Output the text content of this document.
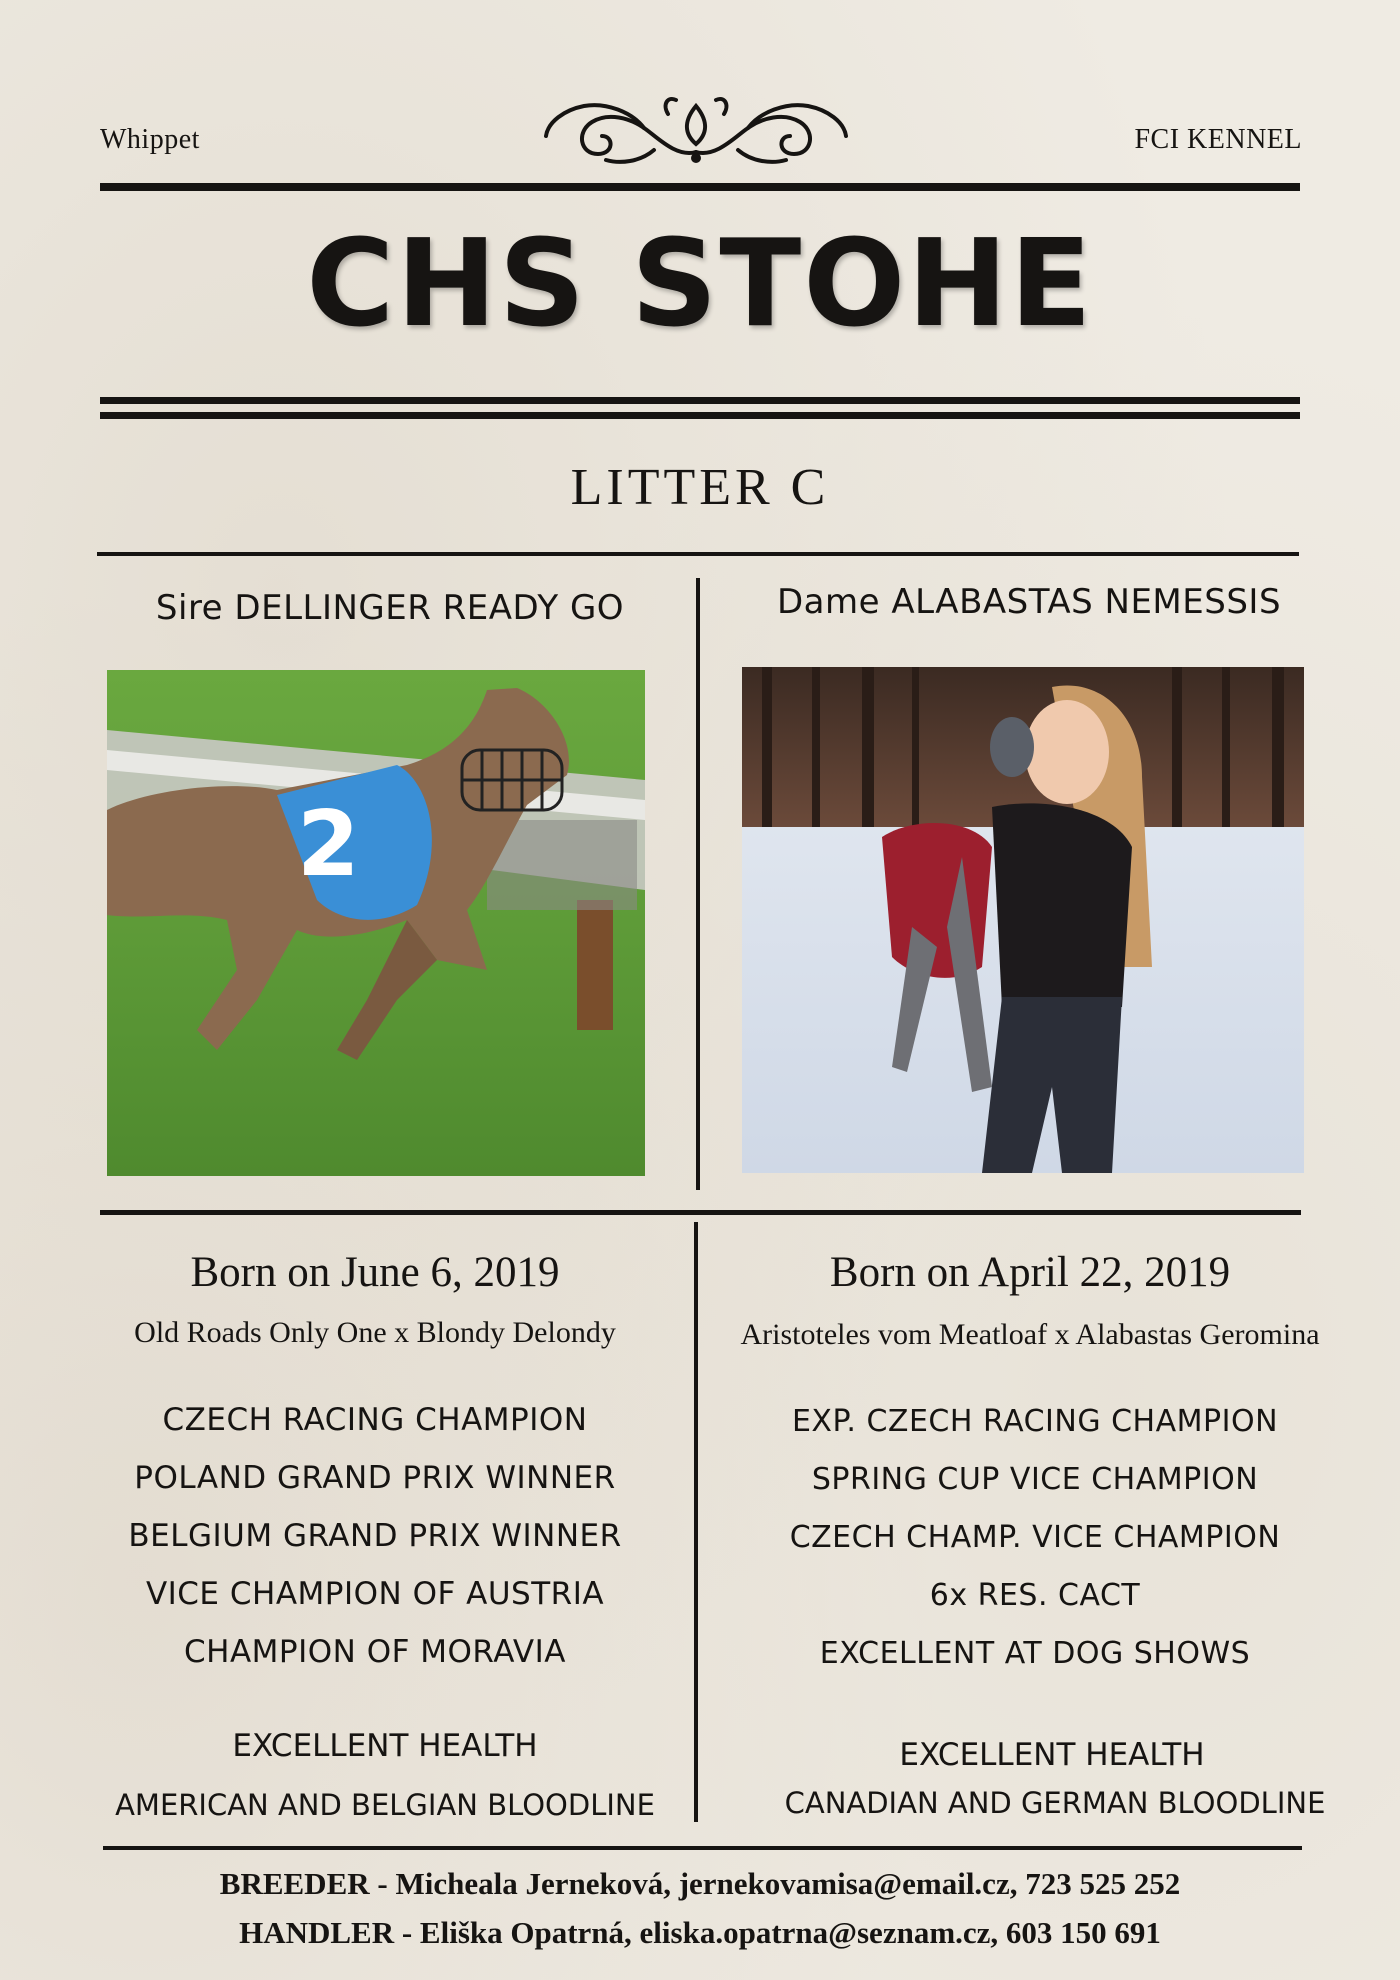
Whippet	FCI KENNEL
CHS STOHE
LITTER C
Sire DELLINGER READY GO	Dame ALABASTAS NEMESSIS
2
Born on June 6, 2019
Old Roads Only One x Blondy Delondy
CZECH RACING CHAMPION
POLAND GRAND PRIX WINNER
BELGIUM GRAND PRIX WINNER
VICE CHAMPION OF AUSTRIA
CHAMPION OF MORAVIA
EXCELLENT HEALTH
AMERICAN AND BELGIAN BLOODLINE
Born on April 22, 2019
Aristoteles vom Meatloaf x Alabastas Geromina
EXP. CZECH RACING CHAMPION
SPRING CUP VICE CHAMPION
CZECH CHAMP. VICE CHAMPION
6x RES. CACT
EXCELLENT AT DOG SHOWS
EXCELLENT HEALTH
CANADIAN AND GERMAN BLOODLINE
BREEDER - Micheala Jerneková, jernekovamisa@email.cz, 723 525 252
HANDLER - Eliška Opatrná, eliska.opatrna@seznam.cz, 603 150 691
